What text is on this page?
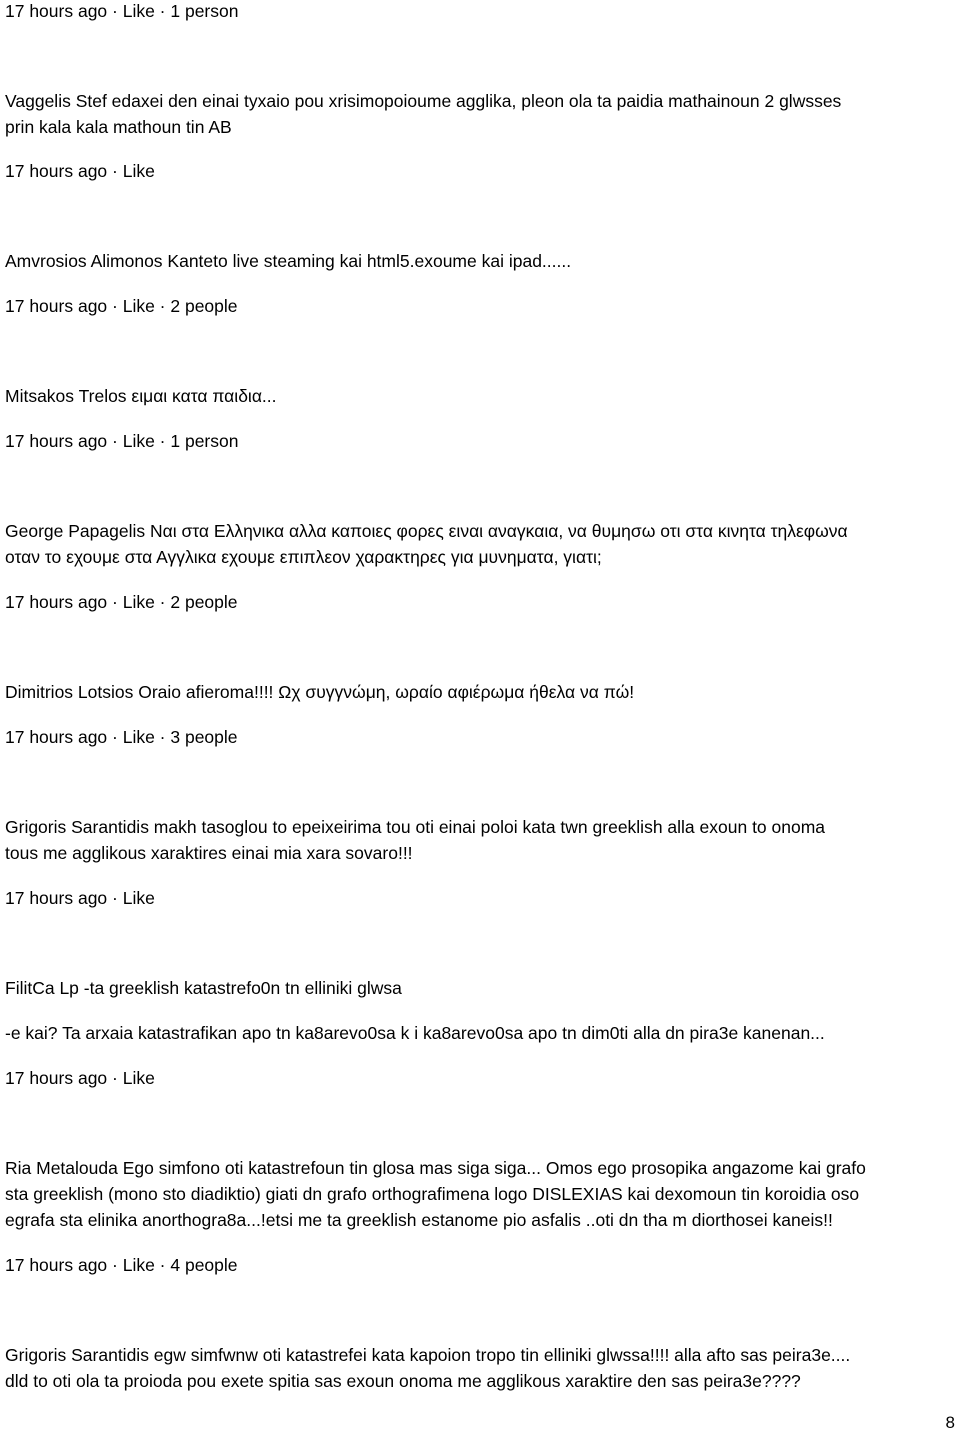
17 hours ago · Like · 1 person
Vaggelis Stef edaxei den einai tyxaio pou xrisimopoioume agglika, pleon ola ta paidia mathainoun 2 glwsses
prin kala kala mathoun tin AB
17 hours ago · Like
Amvrosios Alimonos Kanteto live steaming kai html5.exoume kai ipad......
17 hours ago · Like · 2 people
Mitsakos Trelos ειμαι κατα παιδια...
17 hours ago · Like · 1 person
George Papagelis Ναι στα Ελληνικα αλλα καποιες φορες ειναι αναγκαια, να θυμησω οτι στα κινητα τηλεφωνα
οταν το εχουμε στα Αγγλικα εχουμε επιπλεον χαρακτηρες για μυνηματα, γιατι;
17 hours ago · Like · 2 people
Dimitrios Lotsios Oraio afieroma!!!! Ωχ συγγνώμη, ωραίο αφιέρωμα ήθελα να πώ!
17 hours ago · Like · 3 people
Grigoris Sarantidis makh tasoglou to epeixeirima tou oti einai poloi kata twn greeklish alla exoun to onoma
tous me agglikous xaraktires einai mia xara sovaro!!!
17 hours ago · Like
FilitCa Lp -ta greeklish katastrefo0n tn elliniki glwsa
-e kai? Ta arxaia katastrafikan apo tn ka8arevo0sa k i ka8arevo0sa apo tn dim0ti alla dn pira3e kanenan...
17 hours ago · Like
Ria Metalouda Ego simfono oti katastrefoun tin glosa mas siga siga... Omos ego prosopika angazome kai grafo
sta greeklish (mono sto diadiktio) giati dn grafo orthografimena logo DISLEXIAS kai dexomoun tin koroidia oso
egrafa sta elinika anorthogra8a...!etsi me ta greeklish estanome pio asfalis ..oti dn tha m diorthosei kaneis!!
17 hours ago · Like · 4 people
Grigoris Sarantidis egw simfwnw oti katastrefei kata kapoion tropo tin elliniki glwssa!!!! alla afto sas peira3e....
dld to oti ola ta proioda pou exete spitia sas exoun onoma me agglikous xaraktire den sas peira3e????
8
